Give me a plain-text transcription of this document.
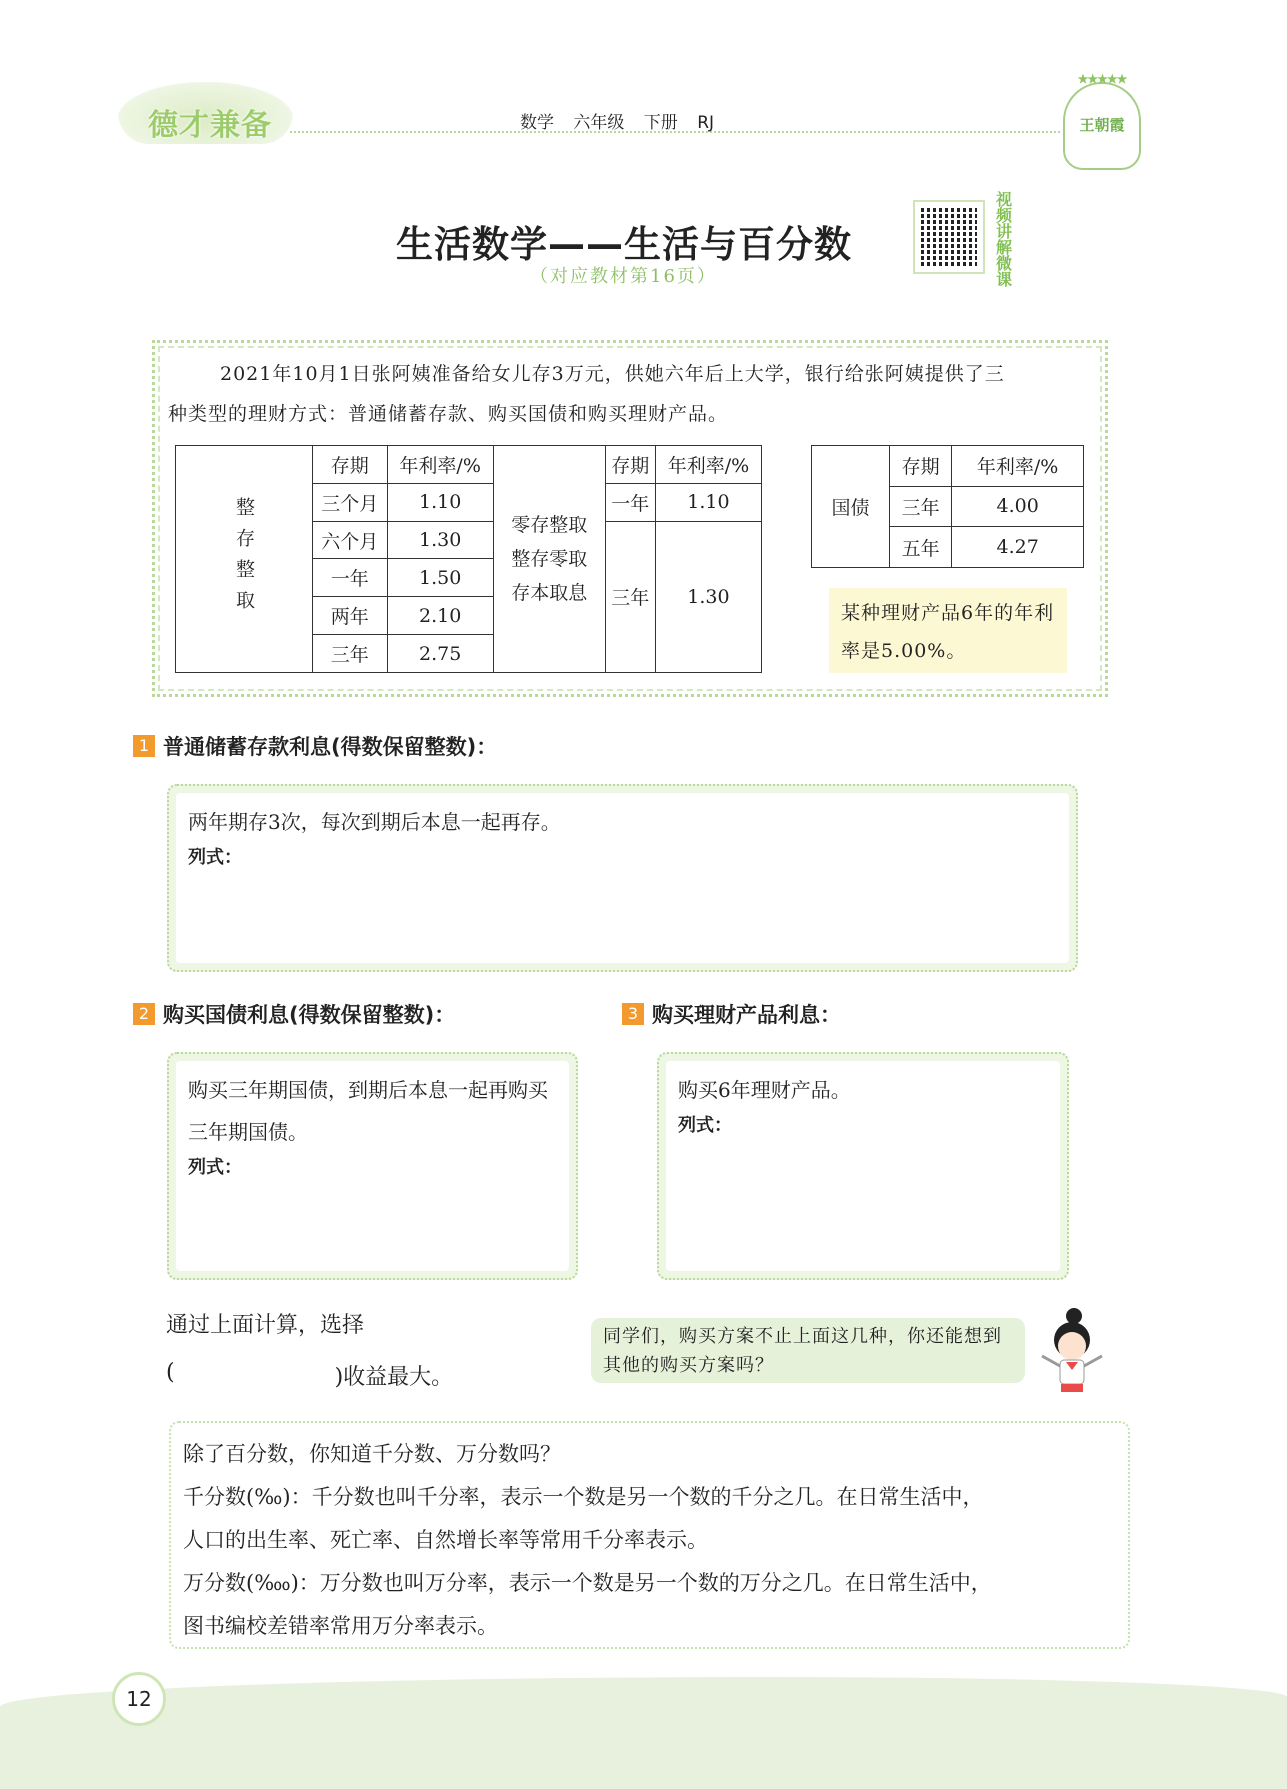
德才兼备	数学 六年级 下册 RJ
★★★★★
王朝霞
生活数学——生活与百分数
（对应教材第16页）
视频讲解微课
2021年10月1日张阿姨准备给女儿存3万元，供她六年后上大学，银行给张阿姨提供了三
种类型的理财方式：普通储蓄存款、购买国债和购买理财产品。
整存整取	存期	年利率/%	零存整取 整存零取 存本取息	存期	年利率/%
	三个月	1.10		一年	1.10
	六个月	1.30		三年	1.30
	一年	1.50			
	两年	2.10			
	三年	2.75			
国债	存期	年利率/%
	三年	4.00
	五年	4.27
某种理财产品6年的年利率是5.00%。
1 普通储蓄存款利息(得数保留整数)：
两年期存3次，每次到期后本息一起再存。
列式：
2 购买国债利息(得数保留整数)：
购买三年期国债，到期后本息一起再购买三年期国债。
列式：
3 购买理财产品利息：
购买6年理财产品。
列式：
通过上面计算，选择
(	)收益最大。
同学们，购买方案不止上面这几种，你还能想到其他的购买方案吗？
除了百分数，你知道千分数、万分数吗？
千分数(‰)：千分数也叫千分率，表示一个数是另一个数的千分之几。在日常生活中，
人口的出生率、死亡率、自然增长率等常用千分率表示。
万分数(‱)：万分数也叫万分率，表示一个数是另一个数的万分之几。在日常生活中，
图书编校差错率常用万分率表示。
12
